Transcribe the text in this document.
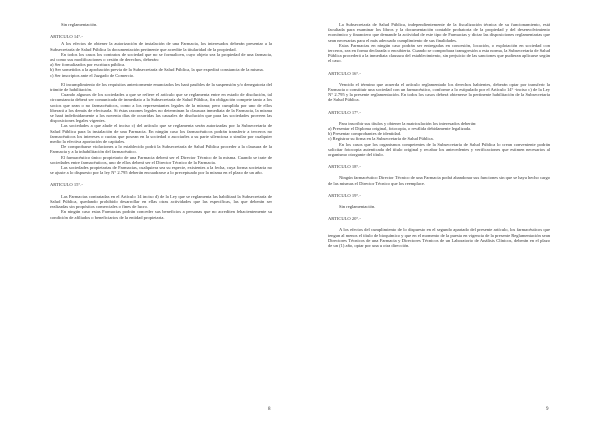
Sin reglamentación.

ARTICULO 14°.-

A los efectos de obtener la autorización de instalación de una Farmacia, los interesados deberán presentar a la Subsecretaría de Salud Pública la documentación pertinente que acredite la titularidad de la propiedad.

En todos los casos los contratos de sociedad que no se formalicen, cuyo objeto sea la propiedad de una farmacia, así como sus modificaciones o cesión de derechos, deberán:

a) Ser formalizados por escritura pública.

b) Ser sometidos a la aprobación previa de la Subsecretaría de Salud Pública, la que expedirá constancia de la misma.

c) Ser inscriptos ante el Juzgado de Comercio.

El incumplimiento de los requisitos anteriormente enunciados les hará pasibles de la suspensión y/o denegatoria del trámite de habilitación.

Cuando algunos de los sociedades a que se refiere el artículo que se reglamenta entre en estado de disolución, tal circunstancia deberá ser comunicada de inmediato a la Subsecretaría de Salud Pública, fin obligación compete tanto a los socios que sean o no farmacéuticos, como a los representantes legales de la misma; pero cumplida por uno de ellos liberará a los demás de efectuarla. Si éstas razones legales no determinan la clausura inmediata de la Farmacia, la misma se hará indefinidamente a los noventa días de ocurridas las causales de disolución que para las sociedades proveen las disposiciones legales vigentes.

Las sociedades a que alude el inciso c) del artículo que se reglamenta serán autorizadas por la Subsecretaría de Salud Pública para la instalación de una Farmacia. En ningún caso los farmacéuticos podrán transferir a terceros no farmacéuticos los intereses o cuotas que posean en la sociedad o asociarles a su parte silenciosa o similar por cualquier medio la efectiva aportación de capitales.

De comprobarse violaciones a lo establecido podrá la Subsecretaría de Salud Pública proceder a la clausura de la Farmacia y a la inhabilitación del farmacéutico.

El farmacéutico único propietario de una Farmacia deberá ser el Director Técnico de la misma. Cuando se trate de sociedades entre farmacéuticos, uno de ellos deberá ser el Director Técnico de la Farmacia.

Las sociedades propietarias de Farmacias, cualquiera sea su especie, existentes a la fecha, cuya forma societaria no se ajuste a lo dispuesto por la ley N° 2.795 deberán encuadrarse a lo preceptuado por la misma en el plazo de un año.

ARTICULO 15°.-

Las Farmacias contratadas en el Artículo 14 inciso d) de la Ley que se reglamenta las habilitará la Subsecretaría de Salud Pública, quedando prohibido desarrollar en ellas otras actividades que las específicas, las que deberán ser realizadas sin propósitos comerciales o fines de lucro.

En ningún caso estas Farmacias podrán conceder sus beneficios a personas que no acrediten fehacientemente su condición de afiliados o beneficiarios de la entidad propietaria.

La Subsecretaría de Salud Pública, independientemente de la fiscalización técnica de su funcionamiento, está facultada para examinar los libros y la documentación contable probatoria de la propiedad y del desenvolvimiento económico y financiero que demande la actividad de este tipo de Farmacias y dictar las disposiciones reglamentarias que sean necesarias para el más adecuado cumplimiento de sus finalidades.

Estas Farmacias en ningún caso podrán ser entregadas en concesión, locación, o explotación en sociedad con terceros, sea en forma declarada o encubierta. Cuando se comprobara transgresión a esta norma, la Subsecretaría de Salud Pública procederá a la inmediata clausura del establecimiento, sin perjuicio de las sanciones que pudieran aplicarse según el caso.

ARTICULO 16°.-

Vencido el término que acuerda el artículo reglamentado los derechos habientes, deberán optar por transferir la Farmacia o constituir una sociedad con un farmacéutico, conforme a lo estipulado por el Artículo 14° -inciso c) de la Ley N° 2.795 y la presente reglamentación. En todos los casos deberá obtenerse la pertinente habilitación de la Subsecretaría de Salud Pública.

ARTICULO 17°.-

Para inscribir sus títulos y obtener la matriculación los interesados deberán:

a) Presentar el Diploma original, fotocopia, o reválida debidamente legalizada.

b) Presentar comprobantes de identidad.

c) Registrar su firma en la Subsecretaría de Salud Pública.

En los casos que los organismos competentes de la Subsecretaría de Salud Pública lo crean conveniente podrán solicitar fotocopia autenticada del título original y recabar los antecedentes y verificaciones que estimen necesarios al organismo otorgante del título.

ARTICULO 18°.-

Ningún farmacéutico Director Técnico de una Farmacia podrá abandonar sus funciones sin que se haya hecho cargo de las mismas el Director Técnico que los reemplace.

ARTICULO 19°.-

Sin reglamentación.

ARTICULO 20°.-

A los efectos del cumplimiento de lo dispuesto en el segundo apartado del presente artículo, los farmacéuticos que tengan al menos el título de bioquímico y que en el momento de la puesta en vigencia de la presente Reglamentación sean Directores Técnicos de una Farmacia y Directores Técnicos de un Laboratorio de Análisis Clínicos, deberán en el plazo de un (1) año, optar por una u otra dirección.

8	9
